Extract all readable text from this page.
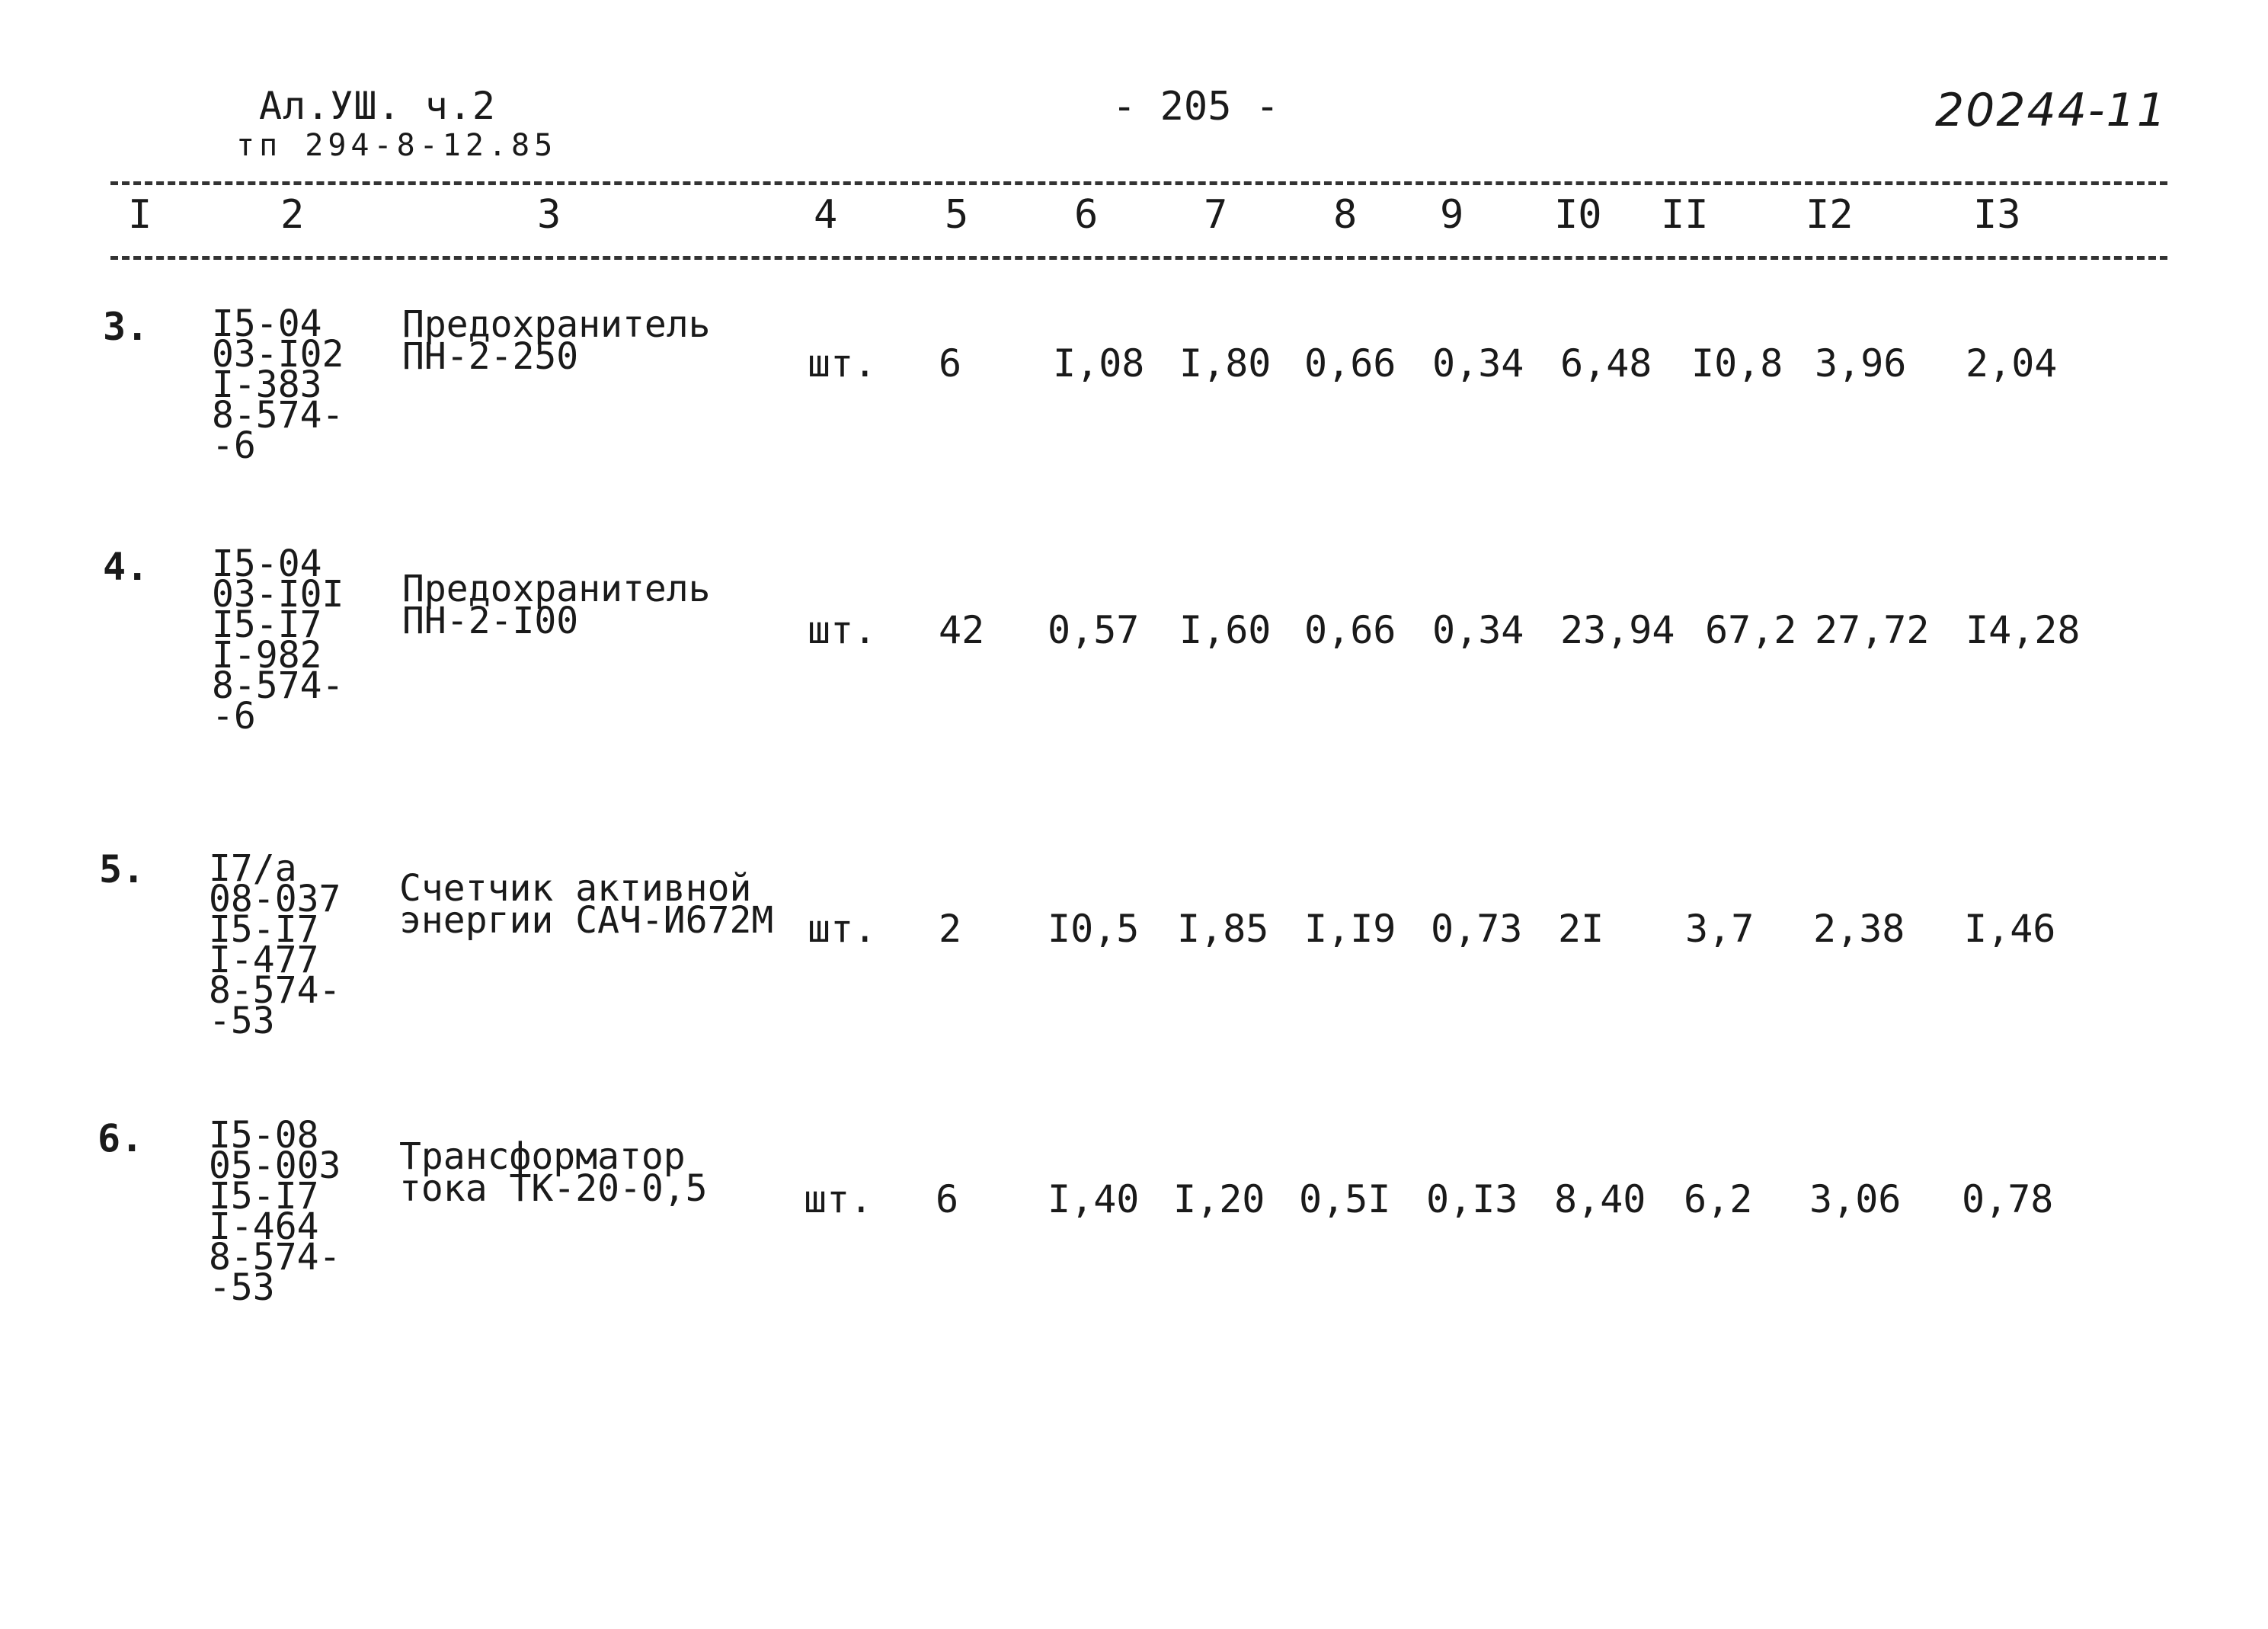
Ал.УШ. ч.2
тп 294-8-12.85
- 205 -	20244-11
I	2	3	4	5	6	7	8 9 I0 II I2	I3
3. I5-04
03-I02
I-383
8-574-
-6
Предохранитель
ПН-2-250	шт. 6 I,08 I,80 0,66 0,34 6,48 I0,8 3,96 2,04
4. I5-04
03-I0I
I5-I7
I-982
8-574-
-6
Предохранитель
ПН-2-I00	шт. 42 0,57 I,60 0,66 0,34 23,94 67,2 27,72 I4,28
5. I7/а
08-037
I5-I7
I-477
8-574-
-53
Счетчик активной
энергии САЧ-И672М шт. 2 I0,5 I,85 I,I9 0,73 2I 3,7 2,38 I,46
6. I5-08
05-003
I5-I7
I-464
8-574-
-53
Трансформатор
тока ТК-20-0,5	шт. 6 I,40 I,20 0,5I 0,I3 8,40 6,2 3,06 0,78
